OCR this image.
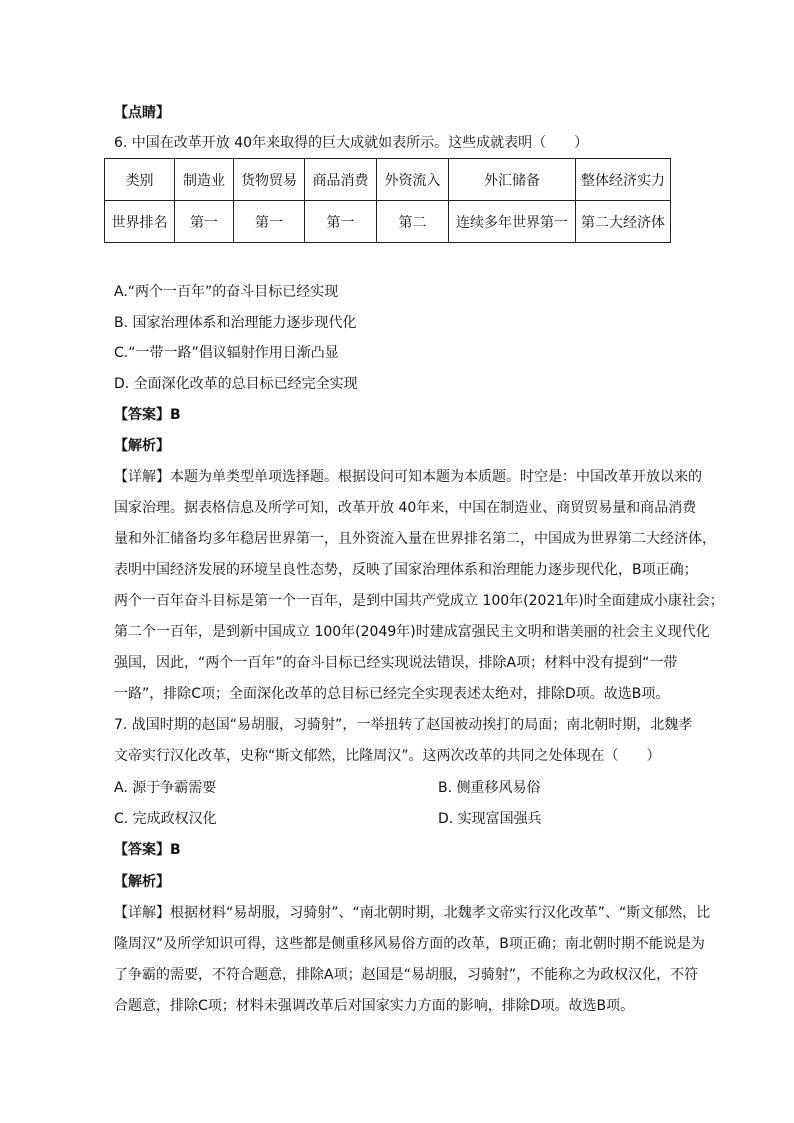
【点睛】
6. 中国在改革开放 40年来取得的巨大成就如表所示。这些成就表明（　　）
类别	制造业	货物贸易	商品消费	外资流入	外汇储备	整体经济实力
世界排名	第一	第一	第一	第二	连续多年世界第一	第二大经济体
A.“两个一百年”的奋斗目标已经实现
B. 国家治理体系和治理能力逐步现代化
C.“一带一路”倡议辐射作用日渐凸显
D. 全面深化改革的总目标已经完全实现
【答案】B
【解析】
【详解】本题为单类型单项选择题。根据设问可知本题为本质题。时空是：中国改革开放以来的
国家治理。据表格信息及所学可知，改革开放 40年来，中国在制造业、商贸贸易量和商品消费
量和外汇储备均多年稳居世界第一，且外资流入量在世界排名第二，中国成为世界第二大经济体，
表明中国经济发展的环境呈良性态势，反映了国家治理体系和治理能力逐步现代化，B项正确；
两个一百年奋斗目标是第一个一百年，是到中国共产党成立 100年(2021年)时全面建成小康社会；
第二个一百年，是到新中国成立 100年(2049年)时建成富强民主文明和谐美丽的社会主义现代化
强国，因此，“两个一百年”的奋斗目标已经实现说法错误，排除A项；材料中没有提到“一带
一路”，排除C项；全面深化改革的总目标已经完全实现表述太绝对，排除D项。故选B项。
7. 战国时期的赵国“易胡服，习骑射”，一举扭转了赵国被动挨打的局面；南北朝时期，北魏孝
文帝实行汉化改革，史称“斯文郁然，比隆周汉”。这两次改革的共同之处体现在（　　）
A. 源于争霸需要	B. 侧重移风易俗
C. 完成政权汉化	D. 实现富国强兵
【答案】B
【解析】
【详解】根据材料“易胡服，习骑射”、“南北朝时期，北魏孝文帝实行汉化改革”、“斯文郁然，比
隆周汉”及所学知识可得，这些都是侧重移风易俗方面的改革，B项正确；南北朝时期不能说是为
了争霸的需要，不符合题意，排除A项；赵国是“易胡服，习骑射”，不能称之为政权汉化，不符
合题意，排除C项；材料未强调改革后对国家实力方面的影响，排除D项。故选B项。
